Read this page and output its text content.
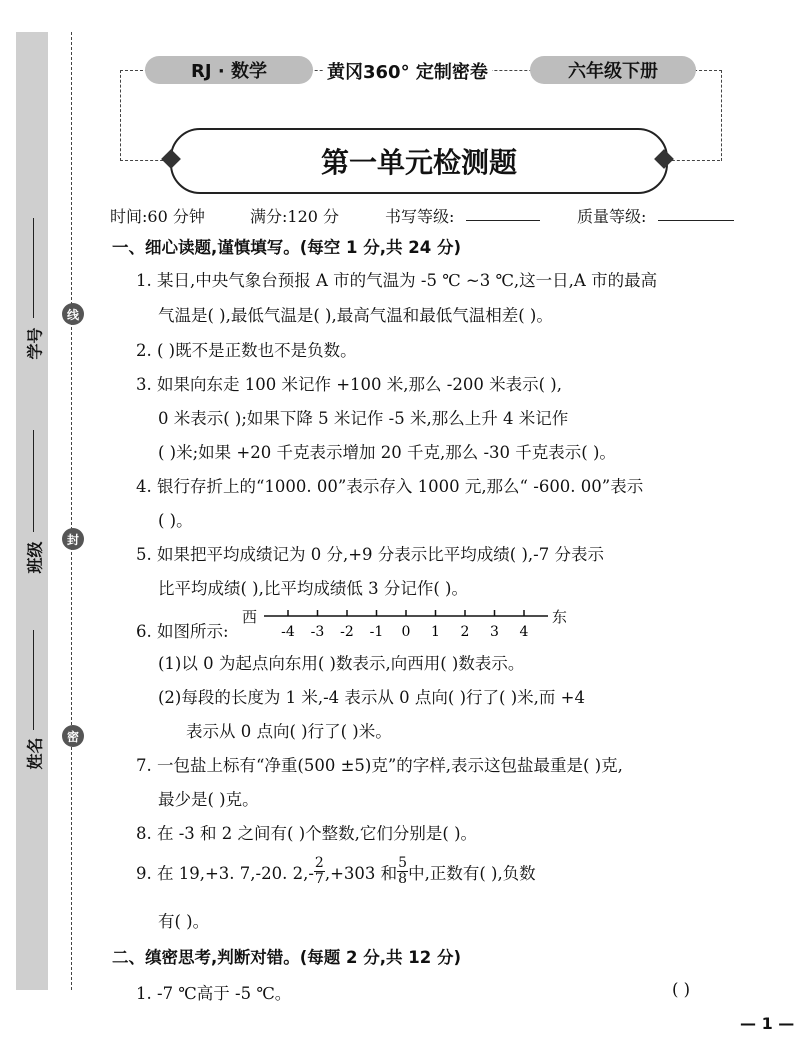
学号
班级
姓名
线
封
密
RJ · 数学	黄冈360° 定制密卷	六年级下册
第一单元检测题
时间:60 分钟	满分:120 分	书写等级:	质量等级:
一、细心读题,谨慎填写。(每空 1 分,共 24 分)
1. 某日,中央气象台预报 A 市的气温为 -5 ℃ ~3 ℃,这一日,A 市的最高
气温是( ),最低气温是( ),最高气温和最低气温相差( )。
2. ( )既不是正数也不是负数。
3. 如果向东走 100 米记作 +100 米,那么 -200 米表示( ),
0 米表示( );如果下降 5 米记作 -5 米,那么上升 4 米记作
( )米;如果 +20 千克表示增加 20 千克,那么 -30 千克表示( )。
4. 银行存折上的“1000. 00”表示存入 1000 元,那么“ -600. 00”表示
( )。
5. 如果把平均成绩记为 0 分,+9 分表示比平均成绩( ),-7 分表示
比平均成绩( ),比平均成绩低 3 分记作( )。
6. 如图所示:
西	东
-4 -3 -2 -1 0 1 2 3 4
(1)以 0 为起点向东用( )数表示,向西用( )数表示。
(2)每段的长度为 1 米,-4 表示从 0 点向( )行了( )米,而 +4
表示从 0 点向( )行了( )米。
7. 一包盐上标有“净重(500 ±5)克”的字样,表示这包盐最重是( )克,
最少是( )克。
8. 在 -3 和 2 之间有( )个整数,它们分别是( )。
9. 在 19,+3. 7,-20. $2,- \frac{2}{7} ,+303$ 和 $\frac{5}{8}$ 中,正数有( ),负数
有( )。
二、缜密思考,判断对错。(每题 2 分,共 12 分)
1. -7 ℃高于 -5 ℃。	( )
— 1 —
